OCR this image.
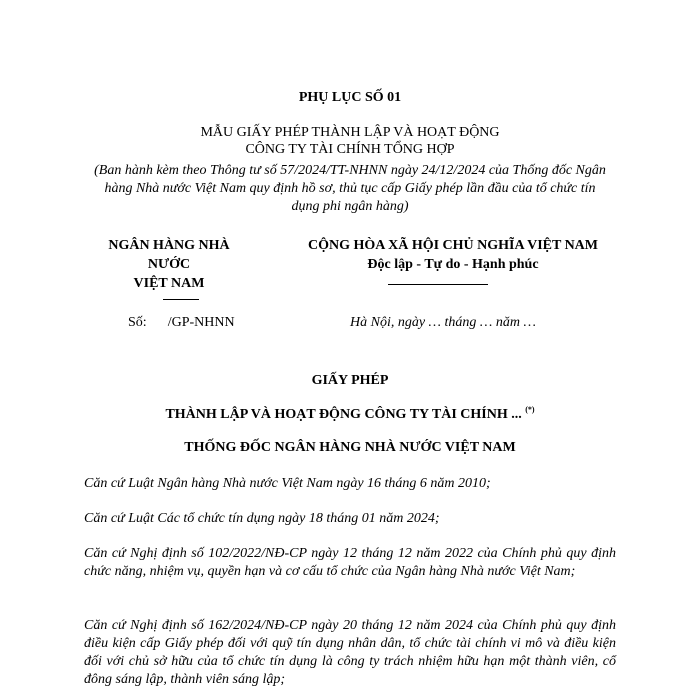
PHỤ LỤC SỐ 01
MẪU GIẤY PHÉP THÀNH LẬP VÀ HOẠT ĐỘNG
CÔNG TY TÀI CHÍNH TỔNG HỢP
(Ban hành kèm theo Thông tư số 57/2024/TT-NHNN ngày 24/12/2024 của Thống đốc Ngân hàng Nhà nước Việt Nam quy định hồ sơ, thủ tục cấp Giấy phép lần đầu của tổ chức tín dụng phi ngân hàng)
NGÂN HÀNG NHÀ NƯỚC
VIỆT NAM
CỘNG HÒA XÃ HỘI CHỦ NGHĨA VIỆT NAM
Độc lập - Tự do - Hạnh phúc
Số: /GP-NHNN	Hà Nội, ngày … tháng … năm …
GIẤY PHÉP
THÀNH LẬP VÀ HOẠT ĐỘNG CÔNG TY TÀI CHÍNH ... (*)
THỐNG ĐỐC NGÂN HÀNG NHÀ NƯỚC VIỆT NAM
Căn cứ Luật Ngân hàng Nhà nước Việt Nam ngày 16 tháng 6 năm 2010;
Căn cứ Luật Các tổ chức tín dụng ngày 18 tháng 01 năm 2024;
Căn cứ Nghị định số 102/2022/NĐ-CP ngày 12 tháng 12 năm 2022 của Chính phủ quy định chức năng, nhiệm vụ, quyền hạn và cơ cấu tổ chức của Ngân hàng Nhà nước Việt Nam;
Căn cứ Nghị định số 162/2024/NĐ-CP ngày 20 tháng 12 năm 2024 của Chính phủ quy định điều kiện cấp Giấy phép đối với quỹ tín dụng nhân dân, tổ chức tài chính vi mô và điều kiện đối với chủ sở hữu của tổ chức tín dụng là công ty trách nhiệm hữu hạn một thành viên, cổ đông sáng lập, thành viên sáng lập;
